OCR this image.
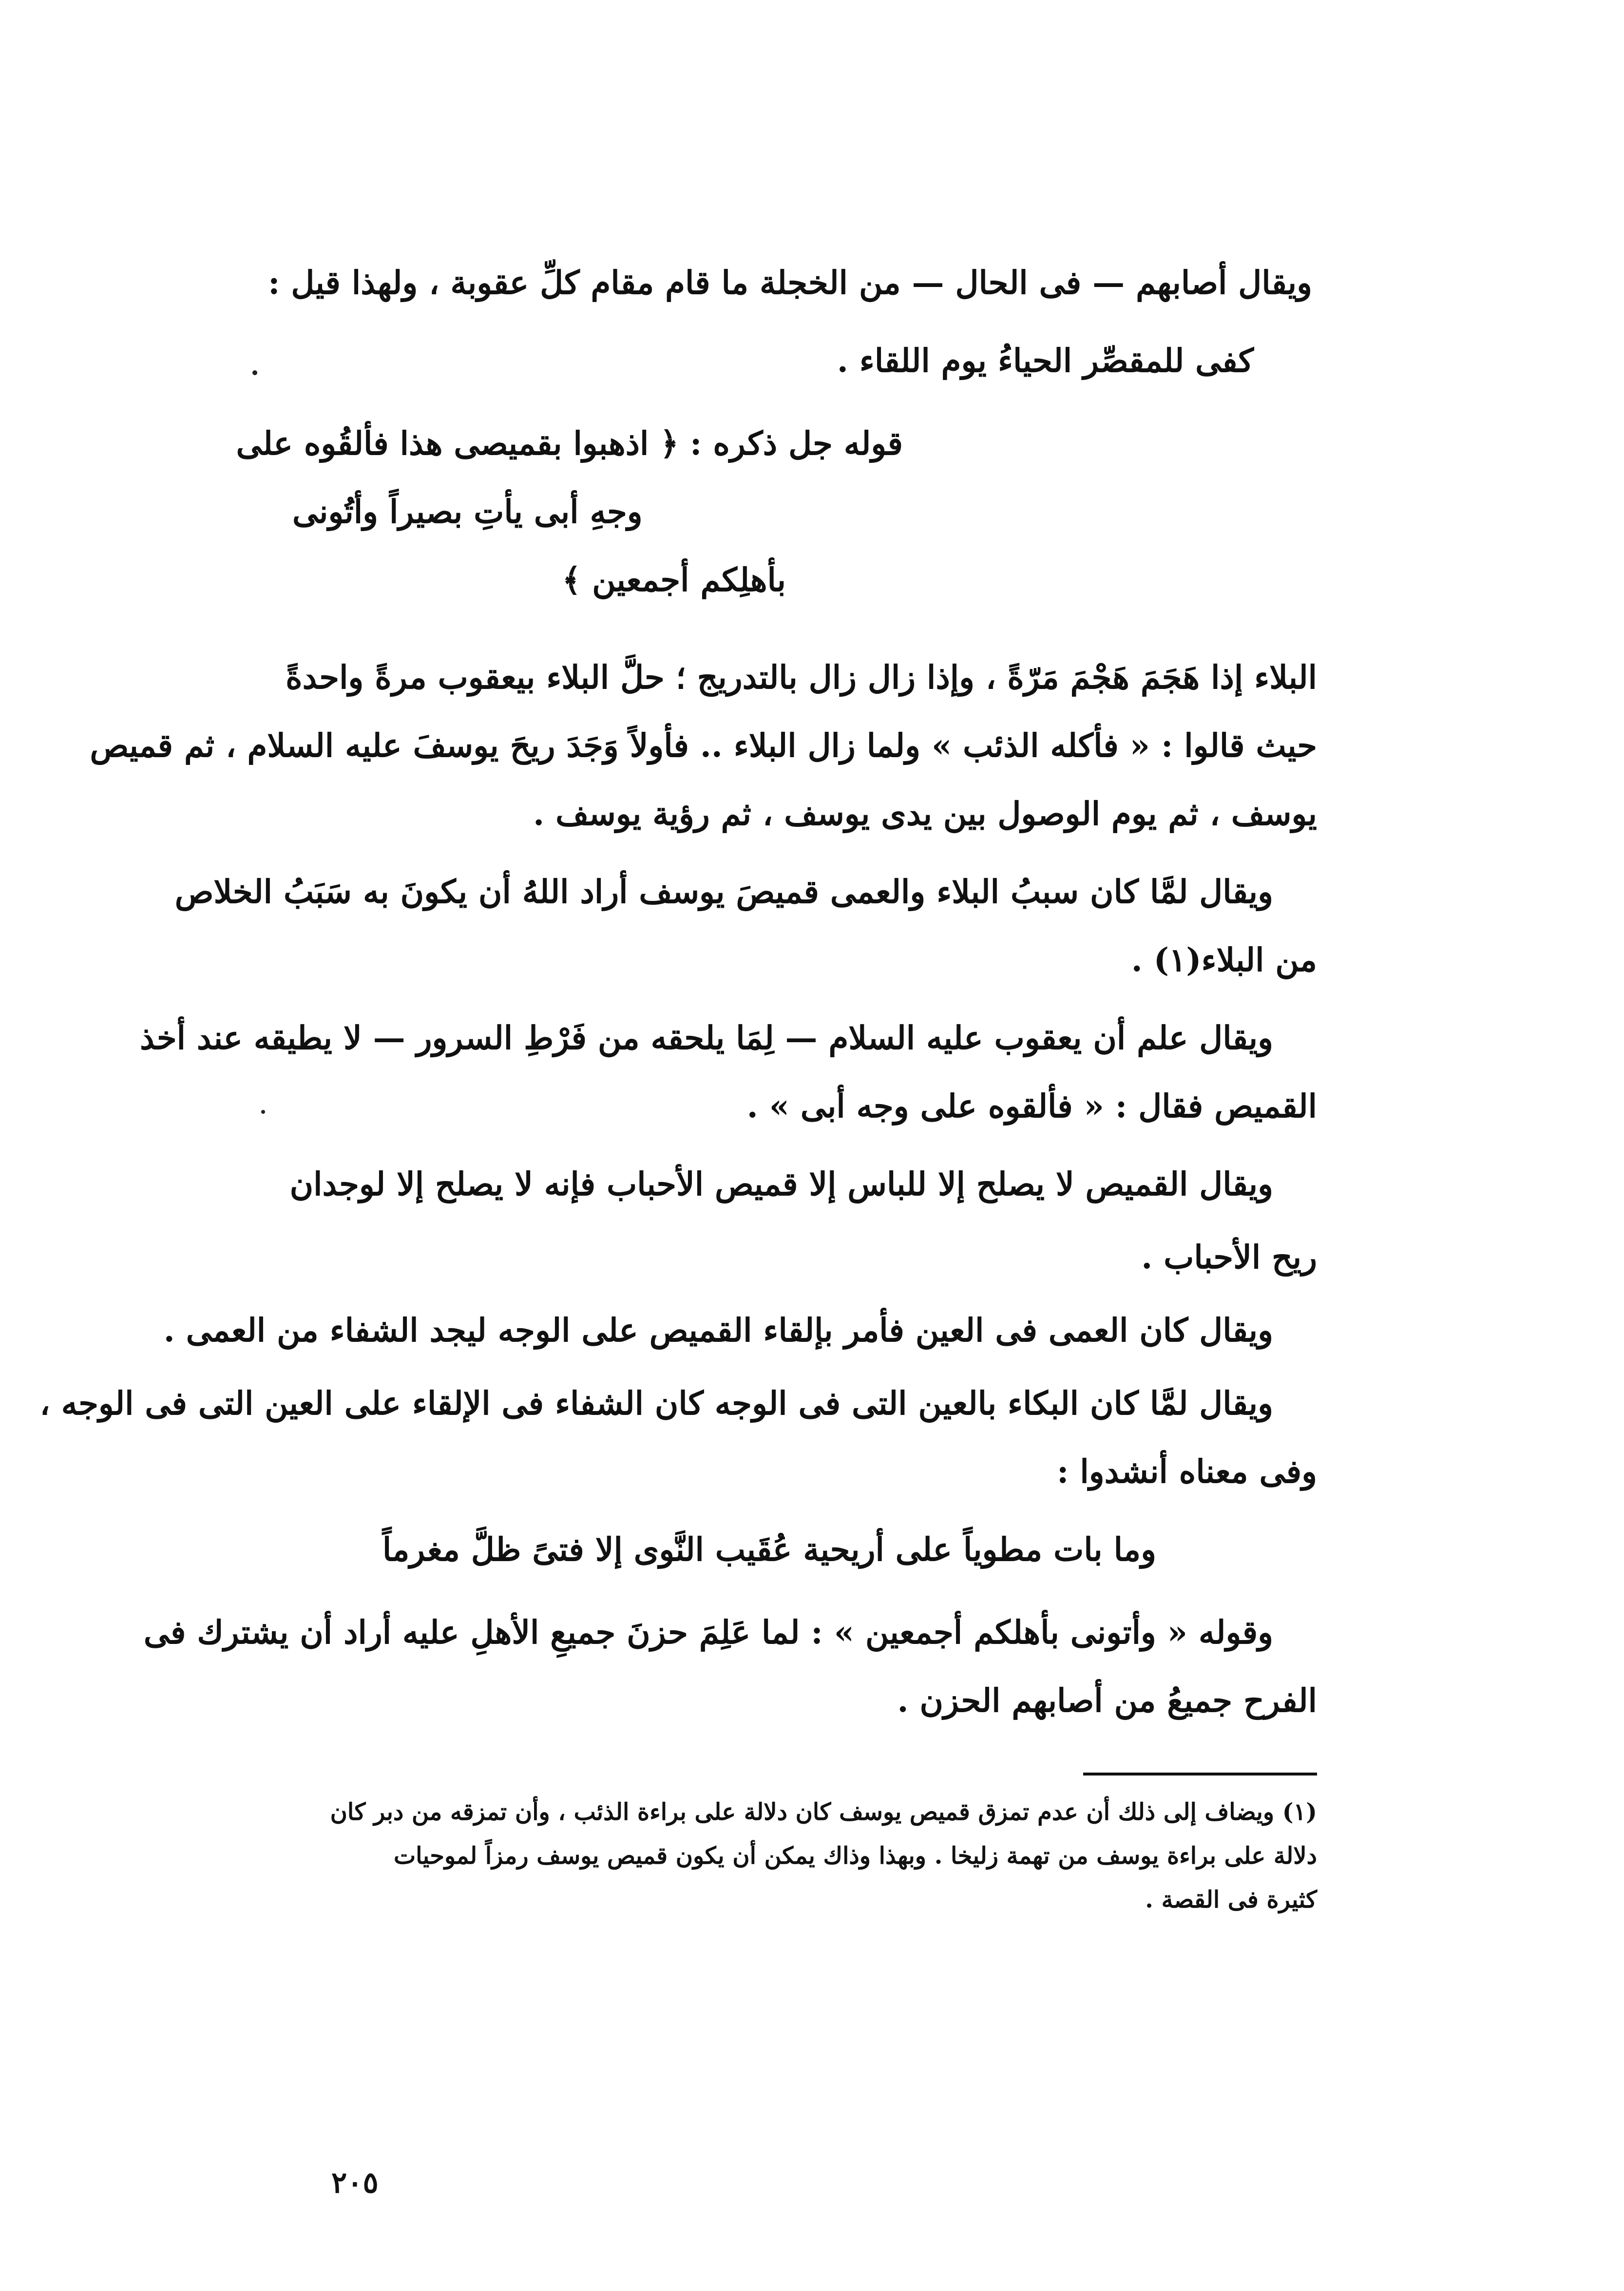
ويقال أصابهم — فى الحال — من الخجلة ما قام مقام كلِّ عقوبة ، ولهذا قيل :
كفى للمقصِّر الحياءُ يوم اللقاء .
قوله جل ذكره : ﴿ اذهبوا بقميصى هذا فألقُوه على
وجهِ أبى يأتِ بصيراً وأتُونى
بأهلِكم أجمعين ﴾
البلاء إذا هَجَمَ هَجْمَ مَرّةً ، وإذا زال زال بالتدريج ؛ حلَّ البلاء بيعقوب مرةً واحدةً
حيث قالوا : « فأكله الذئب » ولما زال البلاء .. فأولاً وَجَدَ ريحَ يوسفَ عليه السلام ، ثم قميص
يوسف ، ثم يوم الوصول بين يدى يوسف ، ثم رؤية يوسف .
ويقال لمَّا كان سببُ البلاء والعمى قميصَ يوسف أراد اللهُ أن يكونَ به سَبَبُ الخلاص
من البلاء(١) .
ويقال علم أن يعقوب عليه السلام — لِمَا يلحقه من فَرْطِ السرور — لا يطيقه عند أخذ
القميص فقال : « فألقوه على وجه أبى » .
ويقال القميص لا يصلح إلا للباس إلا قميص الأحباب فإنه لا يصلح إلا لوجدان
ريح الأحباب .
ويقال كان العمى فى العين فأمر بإلقاء القميص على الوجه ليجد الشفاء من العمى .
ويقال لمَّا كان البكاء بالعين التى فى الوجه كان الشفاء فى الإلقاء على العين التى فى الوجه ،
وفى معناه أنشدوا :
وما بات مطوياً على أريحية عُقَيب النَّوى إلا فتىً ظلَّ مغرماً
وقوله « وأتونى بأهلكم أجمعين » : لما عَلِمَ حزنَ جميعِ الأهلِ عليه أراد أن يشترك فى
الفرح جميعُ من أصابهم الحزن .
(١) ويضاف إلى ذلك أن عدم تمزق قميص يوسف كان دلالة على براءة الذئب ، وأن تمزقه من دبر كان
دلالة على براءة يوسف من تهمة زليخا . وبهذا وذاك يمكن أن يكون قميص يوسف رمزاً لموحيات
كثيرة فى القصة .
٢٠٥
